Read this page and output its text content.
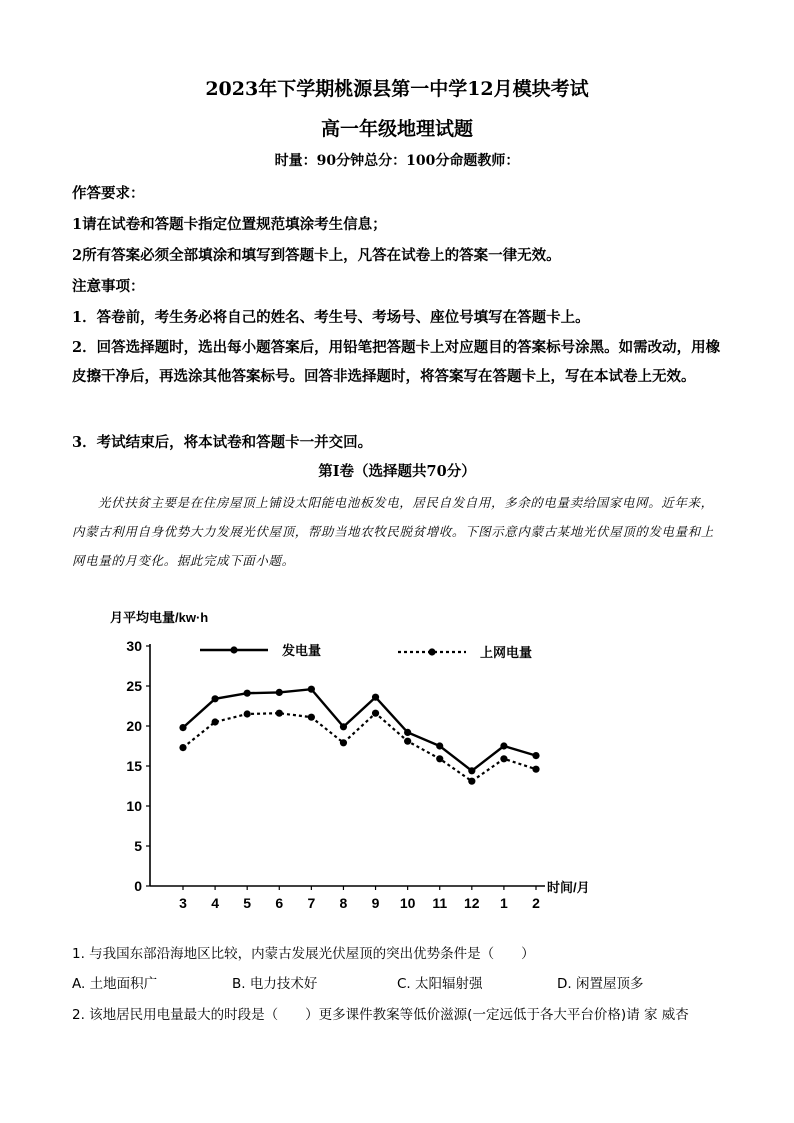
2023年下学期桃源县第一中学12月模块考试
高一年级地理试题
时量：90分钟总分：100分命题教师：
作答要求：
1请在试卷和答题卡指定位置规范填涂考生信息；
2所有答案必须全部填涂和填写到答题卡上，凡答在试卷上的答案一律无效。
注意事项：
1．答卷前，考生务必将自己的姓名、考生号、考场号、座位号填写在答题卡上。
2．回答选择题时，选出每小题答案后，用铅笔把答题卡上对应题目的答案标号涂黑。如需改动，用橡皮擦干净后，再选涂其他答案标号。回答非选择题时，将答案写在答题卡上，写在本试卷上无效。
3．考试结束后，将本试卷和答题卡一并交回。
第I卷（选择题共70分）
光伏扶贫主要是在住房屋顶上铺设太阳能电池板发电，居民自发自用，多余的电量卖给国家电网。近年来，内蒙古利用自身优势大力发展光伏屋顶，帮助当地农牧民脱贫增收。下图示意内蒙古某地光伏屋顶的发电量和上网电量的月变化。据此完成下面小题。
月平均电量/kw·h
0
5
10
15
20
25
30
3 4 5 6 7 8 9 10 11 12 1 2
时间/月
发电量	上网电量
1. 与我国东部沿海地区比较，内蒙古发展光伏屋顶的突出优势条件是（　　）
A. 土地面积广	B. 电力技术好	C. 太阳辐射强	D. 闲置屋顶多
2. 该地居民用电量最大的时段是（　　）更多课件教案等低价滋源(一定远低于各大平台价格)请 家 威杏
